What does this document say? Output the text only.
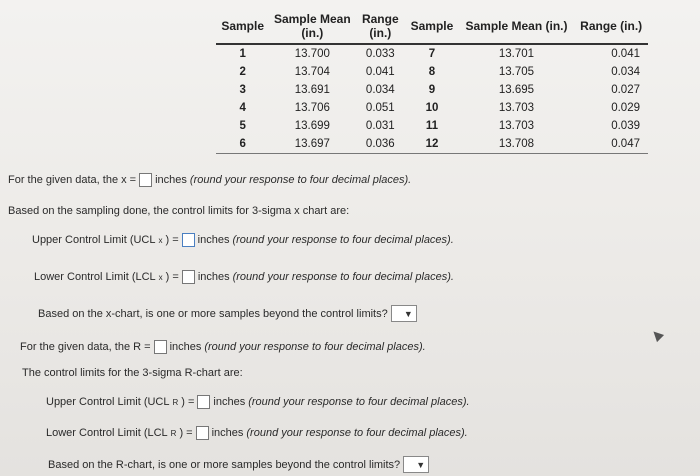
Sample	Sample Mean (in.)	Range (in.)	Sample	Sample Mean (in.)	Range (in.)
1	13.700	0.033	7	13.701	0.041
2	13.704	0.041	8	13.705	0.034
3	13.691	0.034	9	13.695	0.027
4	13.706	0.051	10	13.703	0.029
5	13.699	0.031	11	13.703	0.039
6	13.697	0.036	12	13.708	0.047
For the given data, the x = inches (round your response to four decimal places).
Based on the sampling done, the control limits for 3-sigma x chart are:
Upper Control Limit (UCL x ) = inches (round your response to four decimal places).
Lower Control Limit (LCL x ) = inches (round your response to four decimal places).
Based on the x-chart, is one or more samples beyond the control limits? ▼
For the given data, the R = inches (round your response to four decimal places).
The control limits for the 3-sigma R-chart are:
Upper Control Limit (UCL R ) = inches (round your response to four decimal places).
Lower Control Limit (LCL R ) = inches (round your response to four decimal places).
Based on the R-chart, is one or more samples beyond the control limits? ▼
